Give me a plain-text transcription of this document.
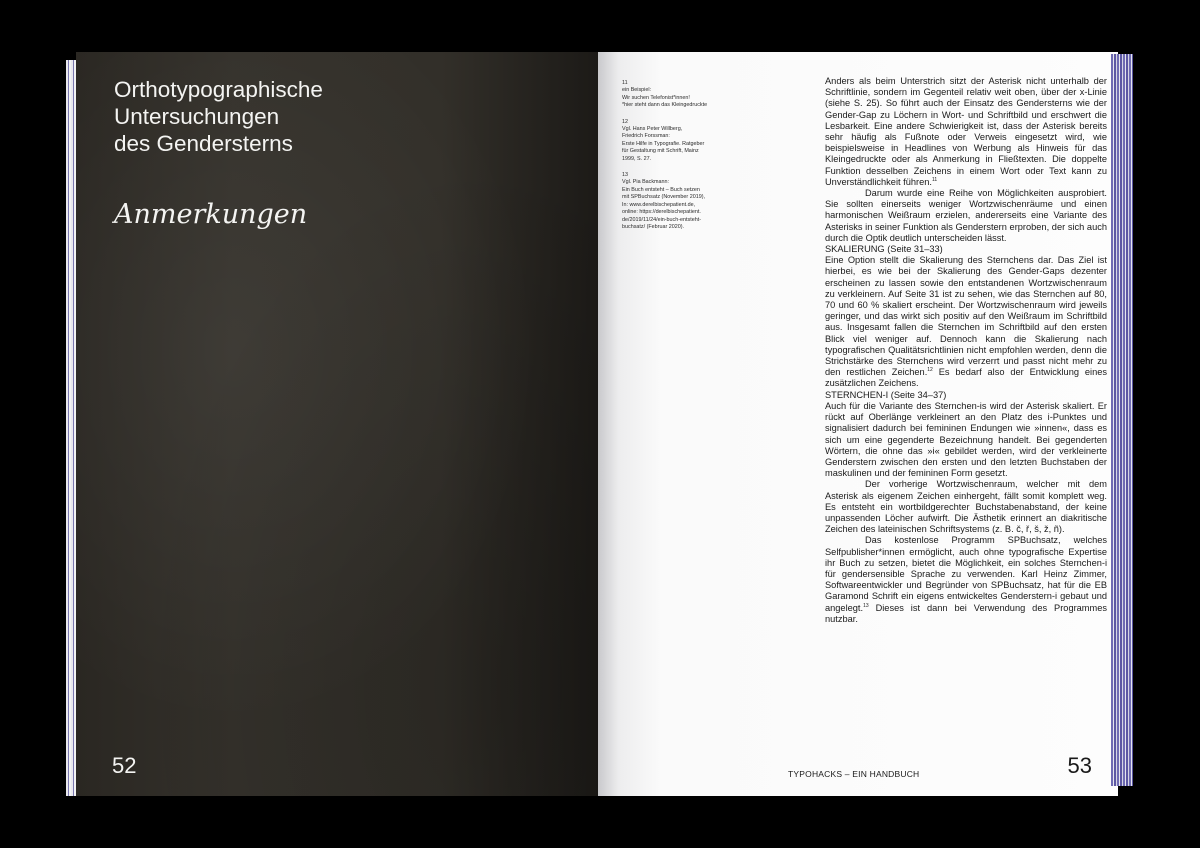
Orthotypographische
Untersuchungen
des Gendersterns
Anmerkungen
52
11
ein Beispiel:
Wir suchen Telefonist*innen!
*hier steht dann das Kleingedruckte
12
Vgl. Hans Peter Willberg,
Friedrich Forssman:
Erste Hilfe in Typografie. Ratgeber
für Gestaltung mit Schrift, Mainz
1999, S. 27.
13
Vgl. Pia Backmann:
Ein Buch entsteht – Buch setzen
mit SPBuchsatz (November 2019),
In: www.derelbischepatient.de,
online: https://derelbischepatient.
de/2019/11/24/ein-buch-entsteht-
buchsatz/ (Februar 2020).

Anders als beim Unterstrich sitzt der Asterisk nicht unterhalb der Schriftlinie, sondern im Gegenteil relativ weit oben, über der x-Linie (siehe S. 25). So führt auch der Einsatz des Gendersterns wie der Gender-Gap zu Löchern in Wort- und Schriftbild und erschwert die Lesbarkeit. Eine andere Schwierigkeit ist, dass der Asterisk bereits sehr häufig als Fußnote oder Verweis eingesetzt wird, wie beispielsweise in Headlines von Werbung als Hinweis für das Kleingedruckte oder als Anmerkung in Fließtexten. Die doppelte Funktion desselben Zeichens in einem Wort oder Text kann zu Unverständlichkeit führen.$^{11}$

Darum wurde eine Reihe von Möglichkeiten ausprobiert. Sie sollten einerseits weniger Wortzwischenräume und einen harmonischen Weißraum erzielen, andererseits eine Variante des Asterisks in seiner Funktion als Genderstern erproben, der sich auch durch die Optik deutlich unterscheiden lässt.

SKALIERUNG (Seite 31–33)

Eine Option stellt die Skalierung des Sternchens dar. Das Ziel ist hierbei, es wie bei der Skalierung des Gender-Gaps dezenter erscheinen zu lassen sowie den entstandenen Wortzwischenraum zu verkleinern. Auf Seite 31 ist zu sehen, wie das Sternchen auf 80, 70 und 60 % skaliert erscheint. Der Wortzwischenraum wird jeweils geringer, und das wirkt sich positiv auf den Weißraum im Schriftbild aus. Insgesamt fallen die Sternchen im Schriftbild auf den ersten Blick viel weniger auf. Dennoch kann die Skalierung nach typografischen Qualitätsrichtlinien nicht empfohlen werden, denn die Strichstärke des Sternchens wird verzerrt und passt nicht mehr zu den restlichen Zeichen.$^{12}$ Es bedarf also der Entwicklung eines zusätzlichen Zeichens.

STERNCHEN-I (Seite 34–37)

Auch für die Variante des Sternchen-is wird der Asterisk skaliert. Er rückt auf Oberlänge verkleinert an den Platz des i-Punktes und signalisiert dadurch bei femininen Endungen wie »innen«, dass es sich um eine gegenderte Bezeichnung handelt. Bei gegenderten Wörtern, die ohne das »i« gebildet werden, wird der verkleinerte Genderstern zwischen den ersten und den letzten Buchstaben der maskulinen und der femininen Form gesetzt.

Der vorherige Wortzwischenraum, welcher mit dem Asterisk als eigenem Zeichen einhergeht, fällt somit komplett weg. Es entsteht ein wortbildgerechter Buchstabenabstand, der keine unpassenden Löcher aufwirft. Die Ästhetik erinnert an diakritische Zeichen des lateinischen Schriftsystems (z. B. č, ř, š, ž, ñ).

Das kostenlose Programm SPBuchsatz, welches Selfpublisher*innen ermöglicht, auch ohne typografische Expertise ihr Buch zu setzen, bietet die Möglichkeit, ein solches Sternchen-i für gendersensible Sprache zu verwenden. Karl Heinz Zimmer, Softwareentwickler und Begründer von SPBuchsatz, hat für die EB Garamond Schrift ein eigens entwickeltes Genderstern-i gebaut und angelegt.$^{13}$ Dieses ist dann bei Verwendung des Programmes nutzbar.

TYPOHACKS – EIN HANDBUCH	53
